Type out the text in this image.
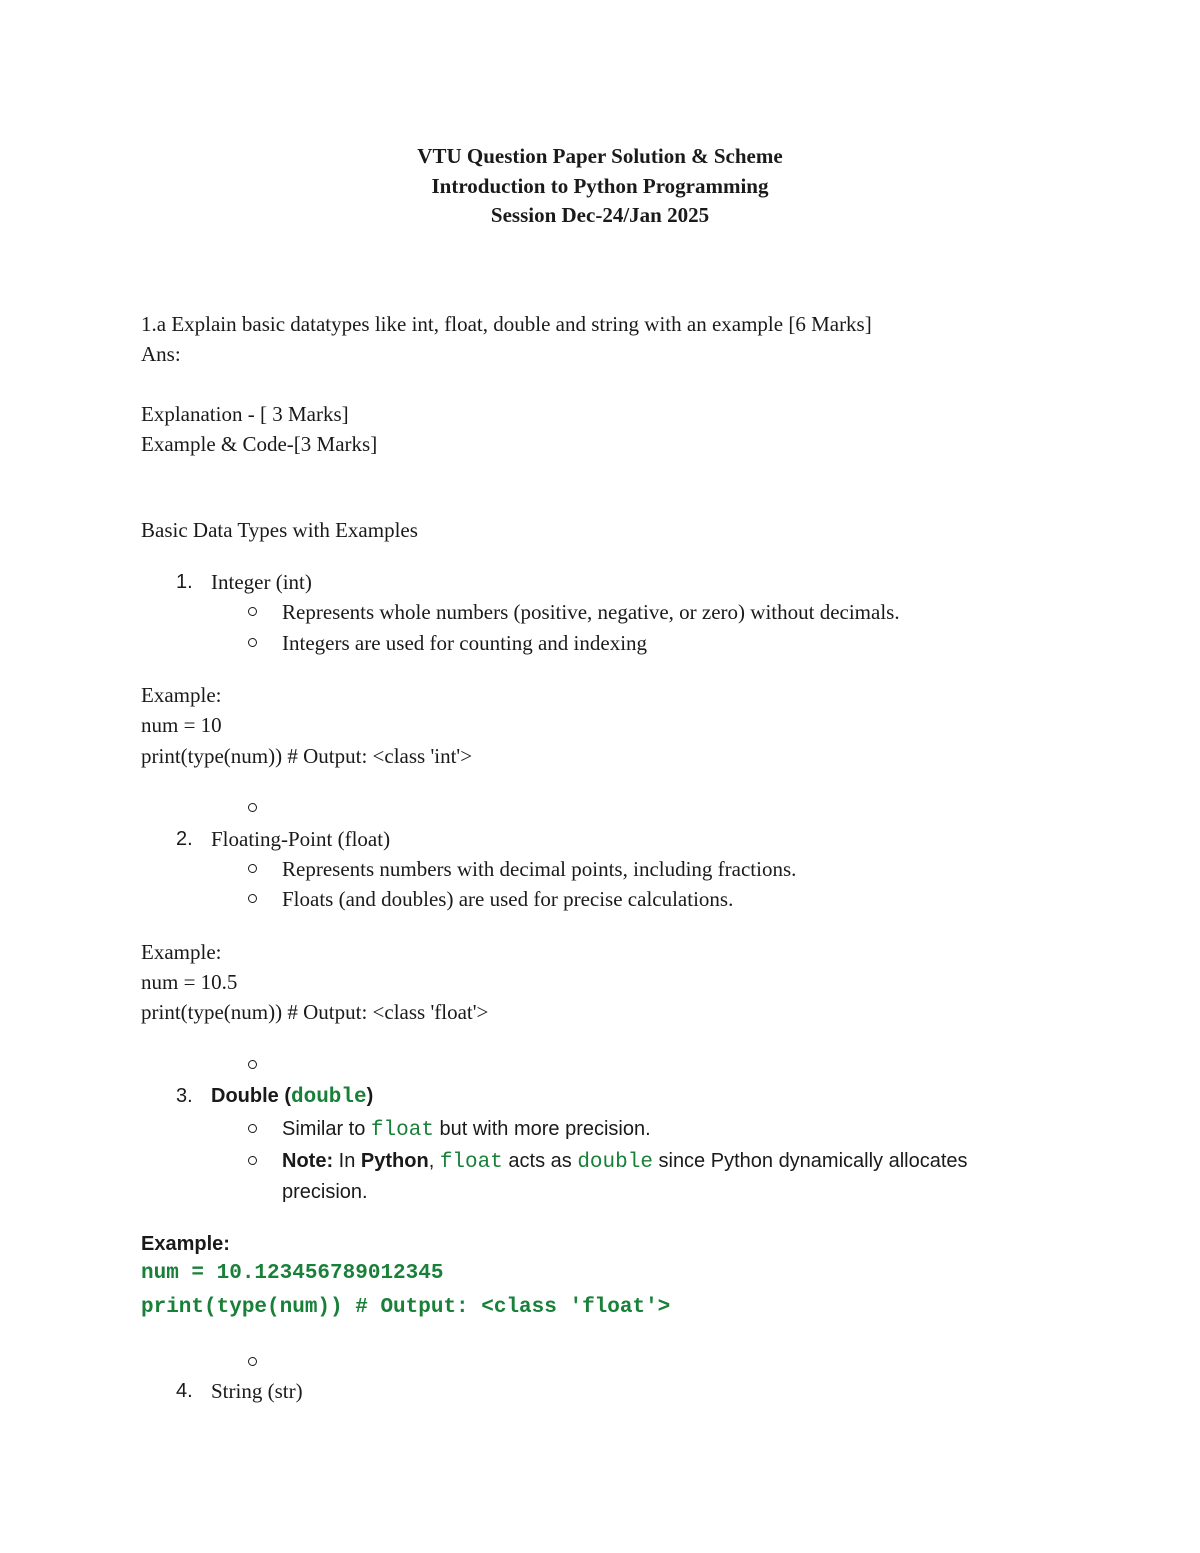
VTU Question Paper Solution & Scheme
Introduction to Python Programming
Session Dec-24/Jan 2025
1.a Explain basic datatypes like int, float, double and string with an example [6 Marks]
Ans:
Explanation - [ 3 Marks]
Example & Code-[3 Marks]
Basic Data Types with Examples
1. Integer (int)
Represents whole numbers (positive, negative, or zero) without decimals.
Integers are used for counting and indexing
Example:
num = 10
print(type(num)) # Output: <class 'int'>
2. Floating-Point (float)
Represents numbers with decimal points, including fractions.
Floats (and doubles) are used for precise calculations.
Example:
num = 10.5
print(type(num)) # Output: <class 'float'>
3. Double (double)
Similar to float but with more precision.
Note: In Python, float acts as double since Python dynamically allocates
precision.
Example:
num = 10.123456789012345
print(type(num)) # Output: <class 'float'>
4. String (str)
